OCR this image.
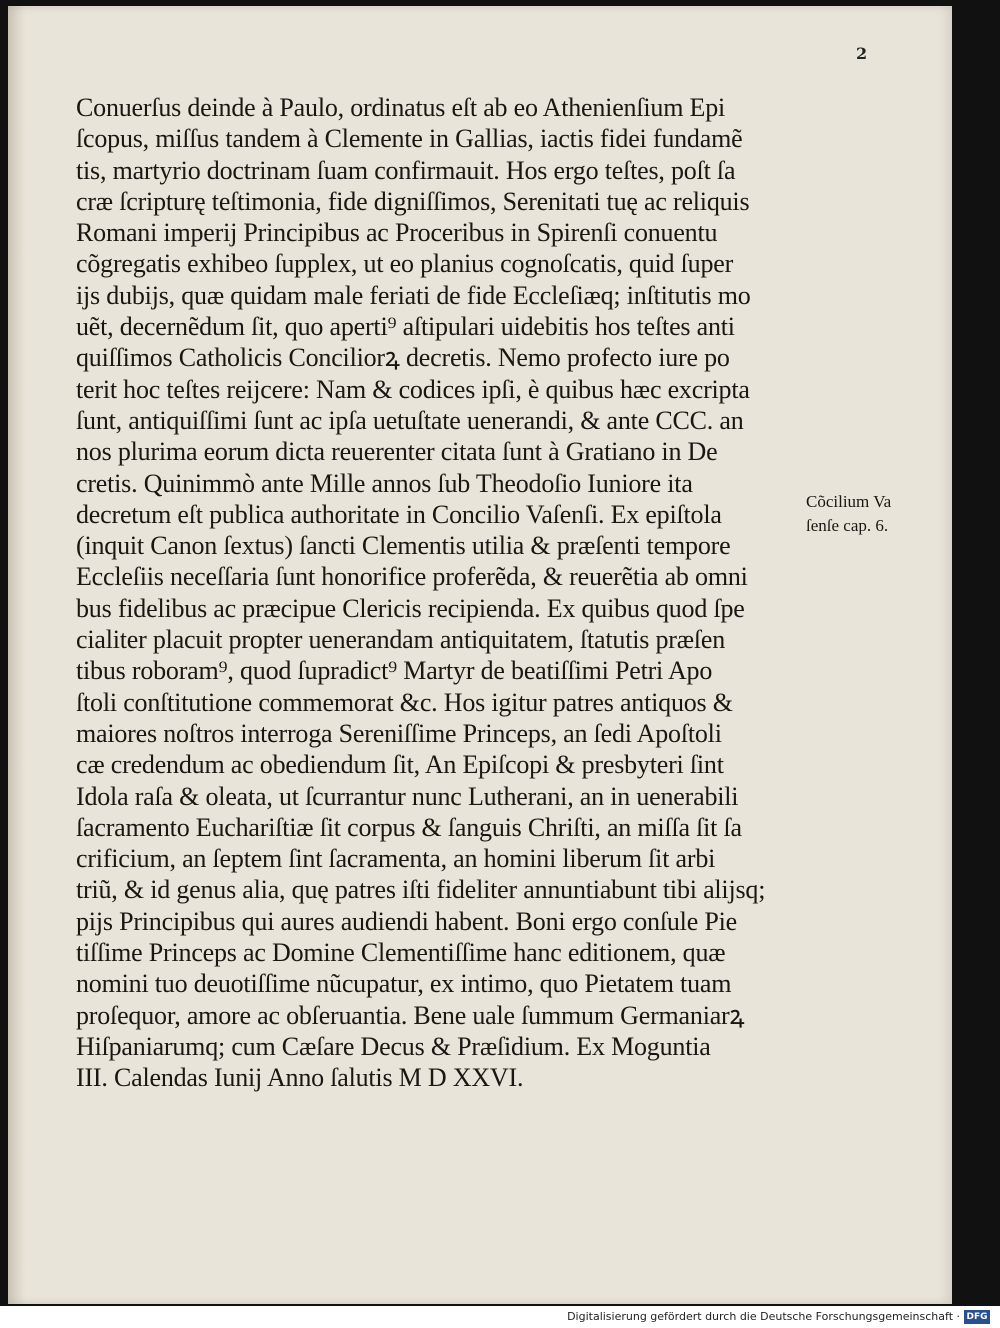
2
Conuerſus deinde à Paulo, ordinatus eſt ab eo Athenienſium Epi
ſcopus, miſſus tandem à Clemente in Gallias, iactis fidei fundamẽ
tis, martyrio doctrinam ſuam confirmauit. Hos ergo teſtes, poſt ſa
cræ ſcripturę teſtimonia, fide digniſſimos, Serenitati tuę ac reliquis
Romani imperij Principibus ac Proceribus in Spirenſi conuentu
cõgregatis exhibeo ſupplex, ut eo planius cognoſcatis, quid ſuper
ijs dubijs, quæ quidam male feriati de fide Eccleſiæq; inſtitutis mo
uẽt, decernẽdum ſit, quo aperti⁹ aſtipulari uidebitis hos teſtes anti
quiſſimos Catholicis Conciliorꝝ decretis. Nemo profecto iure po
terit hoc teſtes reijcere: Nam & codices ipſi, è quibus hæc excripta
ſunt, antiquiſſimi ſunt ac ipſa uetuſtate uenerandi, & ante CCC. an
nos plurima eorum dicta reuerenter citata ſunt à Gratiano in De
cretis. Quinimmò ante Mille annos ſub Theodoſio Iuniore ita
decretum eſt publica authoritate in Concilio Vaſenſi. Ex epiſtola
(inquit Canon ſextus) ſancti Clementis utilia & præſenti tempore
Eccleſiis neceſſaria ſunt honorifice proferẽda, & reuerẽtia ab omni
bus fidelibus ac præcipue Clericis recipienda. Ex quibus quod ſpe
cialiter placuit propter uenerandam antiquitatem, ſtatutis præſen
tibus roboram⁹, quod ſupradict⁹ Martyr de beatiſſimi Petri Apo
ſtoli conſtitutione commemorat &c. Hos igitur patres antiquos &
maiores noſtros interroga Sereniſſime Princeps, an ſedi Apoſtoli
cæ credendum ac obediendum ſit, An Epiſcopi & presbyteri ſint
Idola raſa & oleata, ut ſcurrantur nunc Lutherani, an in uenerabili
ſacramento Euchariſtiæ ſit corpus & ſanguis Chriſti, an miſſa ſit ſa
crificium, an ſeptem ſint ſacramenta, an homini liberum ſit arbi
triũ, & id genus alia, quę patres iſti fideliter annuntiabunt tibi alijsq;
pijs Principibus qui aures audiendi habent. Boni ergo conſule Pie
tiſſime Princeps ac Domine Clementiſſime hanc editionem, quæ
nomini tuo deuotiſſime nũcupatur, ex intimo, quo Pietatem tuam
proſequor, amore ac obſeruantia. Bene uale ſummum Germaniarꝝ
Hiſpaniarumq; cum Cæſare Decus & Præſidium. Ex Moguntia
III. Calendas Iunij Anno ſalutis M D XXVI.
Cõcilium Va
ſenſe cap. 6.
Digitalisierung gefördert durch die Deutsche Forschungsgemeinschaft · DFG
